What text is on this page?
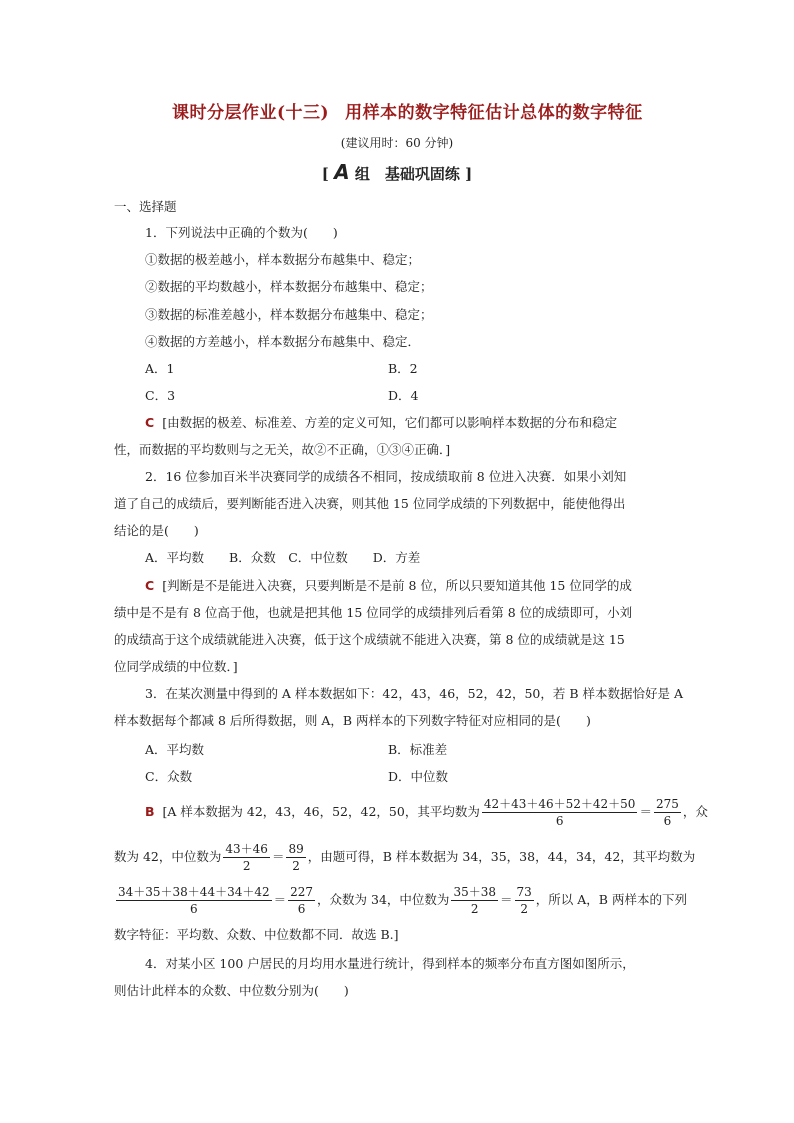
课时分层作业(十三) 用样本的数字特征估计总体的数字特征
(建议用时：60 分钟)
[ A 组　基础巩固练 ]
一、选择题
1．下列说法中正确的个数为(　　)
①数据的极差越小，样本数据分布越集中、稳定；
②数据的平均数越小，样本数据分布越集中、稳定；
③数据的标准差越小，样本数据分布越集中、稳定；
④数据的方差越小，样本数据分布越集中、稳定．
A．1	B．2
C．3	D．4
C [由数据的极差、标准差、方差的定义可知，它们都可以影响样本数据的分布和稳定
性，而数据的平均数则与之无关，故②不正确，①③④正确．]
2．16 位参加百米半决赛同学的成绩各不相同，按成绩取前 8 位进入决赛．如果小刘知
道了自己的成绩后，要判断能否进入决赛，则其他 15 位同学成绩的下列数据中，能使他得出
结论的是(　　)
A．平均数　　B．众数　C．中位数　　D．方差
C [判断是不是能进入决赛，只要判断是不是前 8 位，所以只要知道其他 15 位同学的成
绩中是不是有 8 位高于他，也就是把其他 15 位同学的成绩排列后看第 8 位的成绩即可，小刘
的成绩高于这个成绩就能进入决赛，低于这个成绩就不能进入决赛，第 8 位的成绩就是这 15
位同学成绩的中位数．]
3．在某次测量中得到的 A 样本数据如下：42，43，46，52，42，50，若 B 样本数据恰好是 A
样本数据每个都减 8 后所得数据，则 A，B 两样本的下列数字特征对应相同的是(　　)
A．平均数	B．标准差
C．众数	D．中位数
B [A 样本数据为 42，43，46，52，42，50，其平均数为 $\frac{42+43+46+52+42+50}{6} = \frac{275}{6}$ ，众
数为 42，中位数为 $\frac{43+46}{2} = \frac{89}{2}$ ，由题可得，B 样本数据为 34，35，38，44，34，42，其平均数为
$\frac{34+35+38+44+34+42}{6} = \frac{227}{6}$ ，众数为 34，中位数为 $\frac{35+38}{2} = \frac{73}{2}$ ，所以 A，B 两样本的下列
数字特征：平均数、众数、中位数都不同．故选 B.]
4．对某小区 100 户居民的月均用水量进行统计，得到样本的频率分布直方图如图所示，
则估计此样本的众数、中位数分别为(　　)
